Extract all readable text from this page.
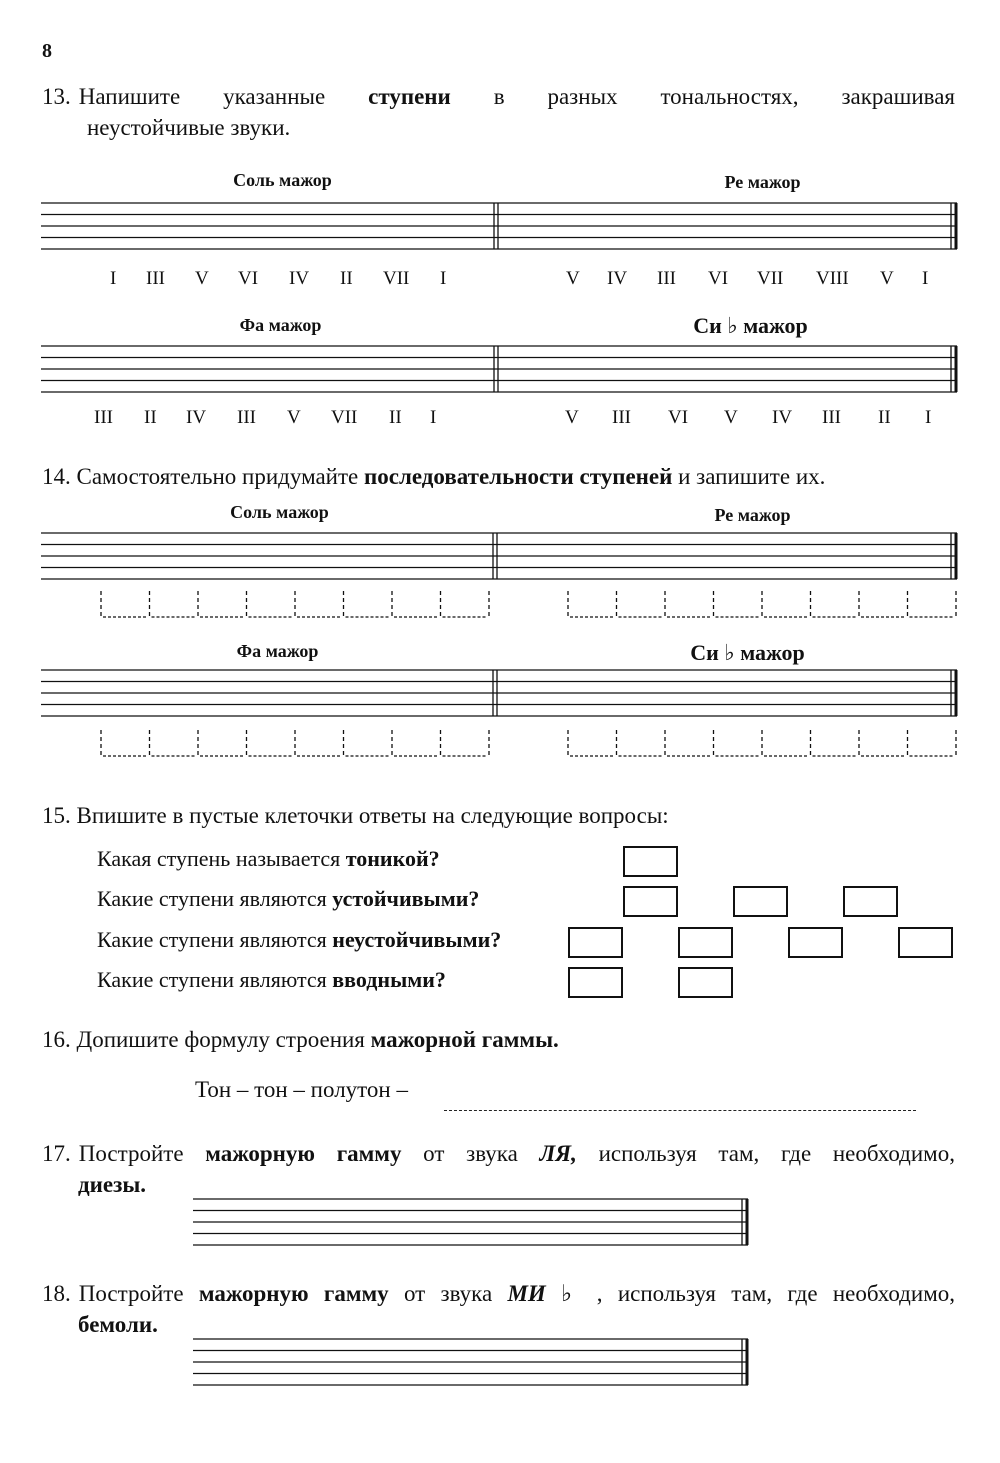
8
13. Напишите указанные ступени в разных тональностях, закрашивая
неустойчивые звуки.
Соль мажор	Ре мажор
I III V VI IV II VII I	V IV III VI VII VIII V I
Фа мажор	Си ♭ мажор
III II IV III V VII II I	V III VI V IV III II I
14. Самостоятельно придумайте последовательности ступеней и запишите их.
Соль мажор	Ре мажор
Фа мажор	Си ♭ мажор
15. Впишите в пустые клеточки ответы на следующие вопросы:
Какая ступень называется тоникой?
Какие ступени являются устойчивыми?
Какие ступени являются неустойчивыми?
Какие ступени являются вводными?
16. Допишите формулу строения мажорной гаммы.
Тон – тон – полутон –
17. Постройте мажорную гамму от звука ЛЯ, используя там, где необходимо,
диезы.
18. Постройте мажорную гамму от звука МИ ♭ , используя там, где необходимо,
бемоли.
